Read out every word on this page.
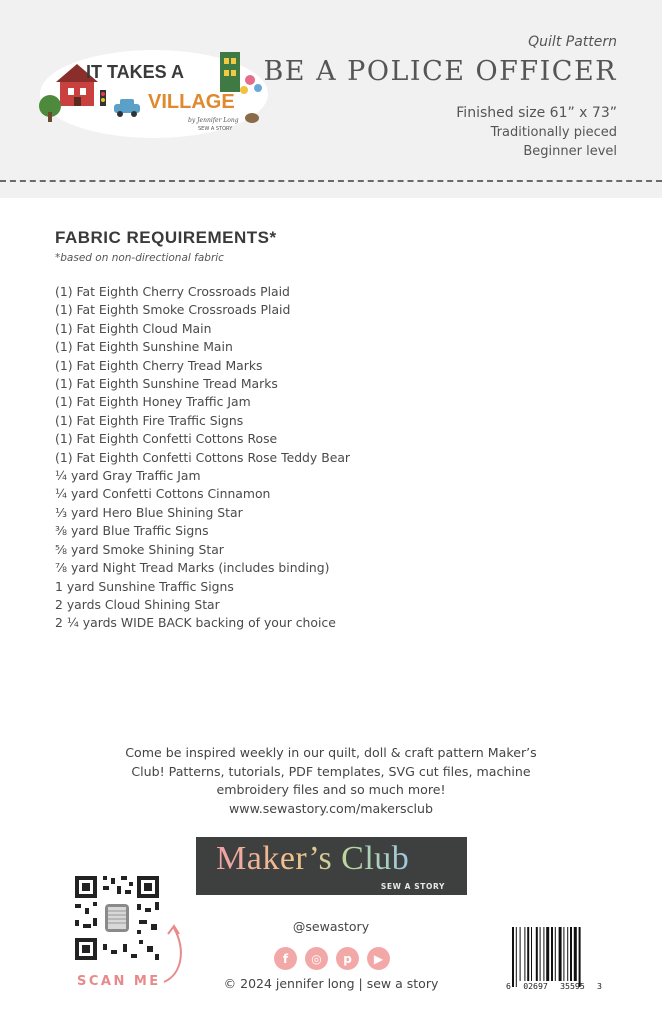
IT TAKES A
VILLAGE
by Jennifer Long
SEW A STORY
Quilt Pattern
BE A POLICE OFFICER
Finished size 61” x 73”
Traditionally pieced
Beginner level
FABRIC REQUIREMENTS*
*based on non-directional fabric
(1) Fat Eighth Cherry Crossroads Plaid
(1) Fat Eighth Smoke Crossroads Plaid
(1) Fat Eighth Cloud Main
(1) Fat Eighth Sunshine Main
(1) Fat Eighth Cherry Tread Marks
(1) Fat Eighth Sunshine Tread Marks
(1) Fat Eighth Honey Traffic Jam
(1) Fat Eighth Fire Traffic Signs
(1) Fat Eighth Confetti Cottons Rose
(1) Fat Eighth Confetti Cottons Rose Teddy Bear
¼ yard Gray Traffic Jam
¼ yard Confetti Cottons Cinnamon
⅓ yard Hero Blue Shining Star
⅜ yard Blue Traffic Signs
⅝ yard Smoke Shining Star
⅞ yard Night Tread Marks (includes binding)
1 yard Sunshine Traffic Signs
2 yards Cloud Shining Star
2 ¼ yards WIDE BACK backing of your choice
Come be inspired weekly in our quilt, doll & craft pattern Maker’s
Club! Patterns, tutorials, PDF templates, SVG cut files, machine
embroidery files and so much more!
www.sewastory.com/makersclub
Maker’s Club
SEW A STORY
SCAN ME
@sewastory
f	◎	p	▶
© 2024 jennifer long | sew a story	6 02697 35595 3
